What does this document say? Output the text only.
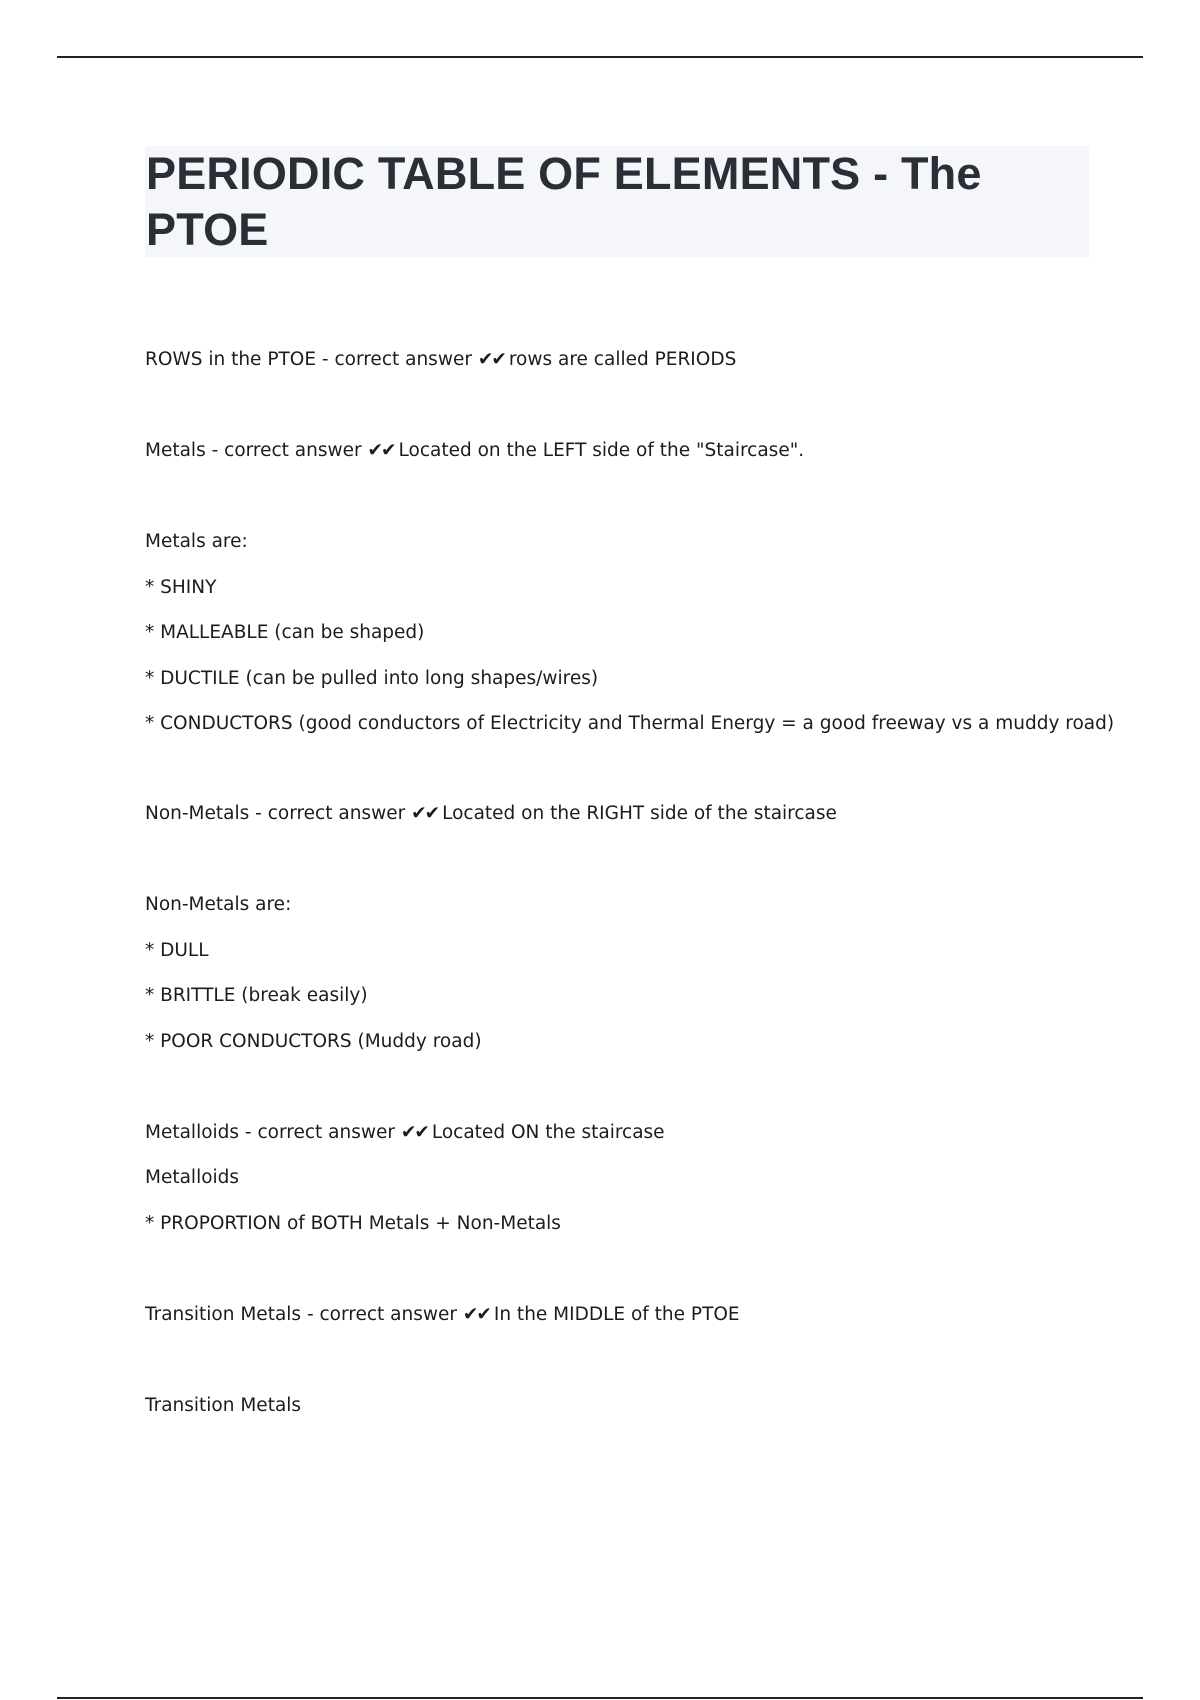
PERIODIC TABLE OF ELEMENTS - The PTOE

ROWS in the PTOE - correct answer ✔✔ rows are called PERIODS

Metals - correct answer ✔✔ Located on the LEFT side of the "Staircase".

Metals are:

* SHINY

* MALLEABLE (can be shaped)

* DUCTILE (can be pulled into long shapes/wires)

* CONDUCTORS (good conductors of Electricity and Thermal Energy = a good freeway vs a muddy road)

Non-Metals - correct answer ✔✔ Located on the RIGHT side of the staircase

Non-Metals are:

* DULL

* BRITTLE (break easily)

* POOR CONDUCTORS (Muddy road)

Metalloids - correct answer ✔✔ Located ON the staircase

Metalloids

* PROPORTION of BOTH Metals + Non-Metals

Transition Metals - correct answer ✔✔ In the MIDDLE of the PTOE

Transition Metals
